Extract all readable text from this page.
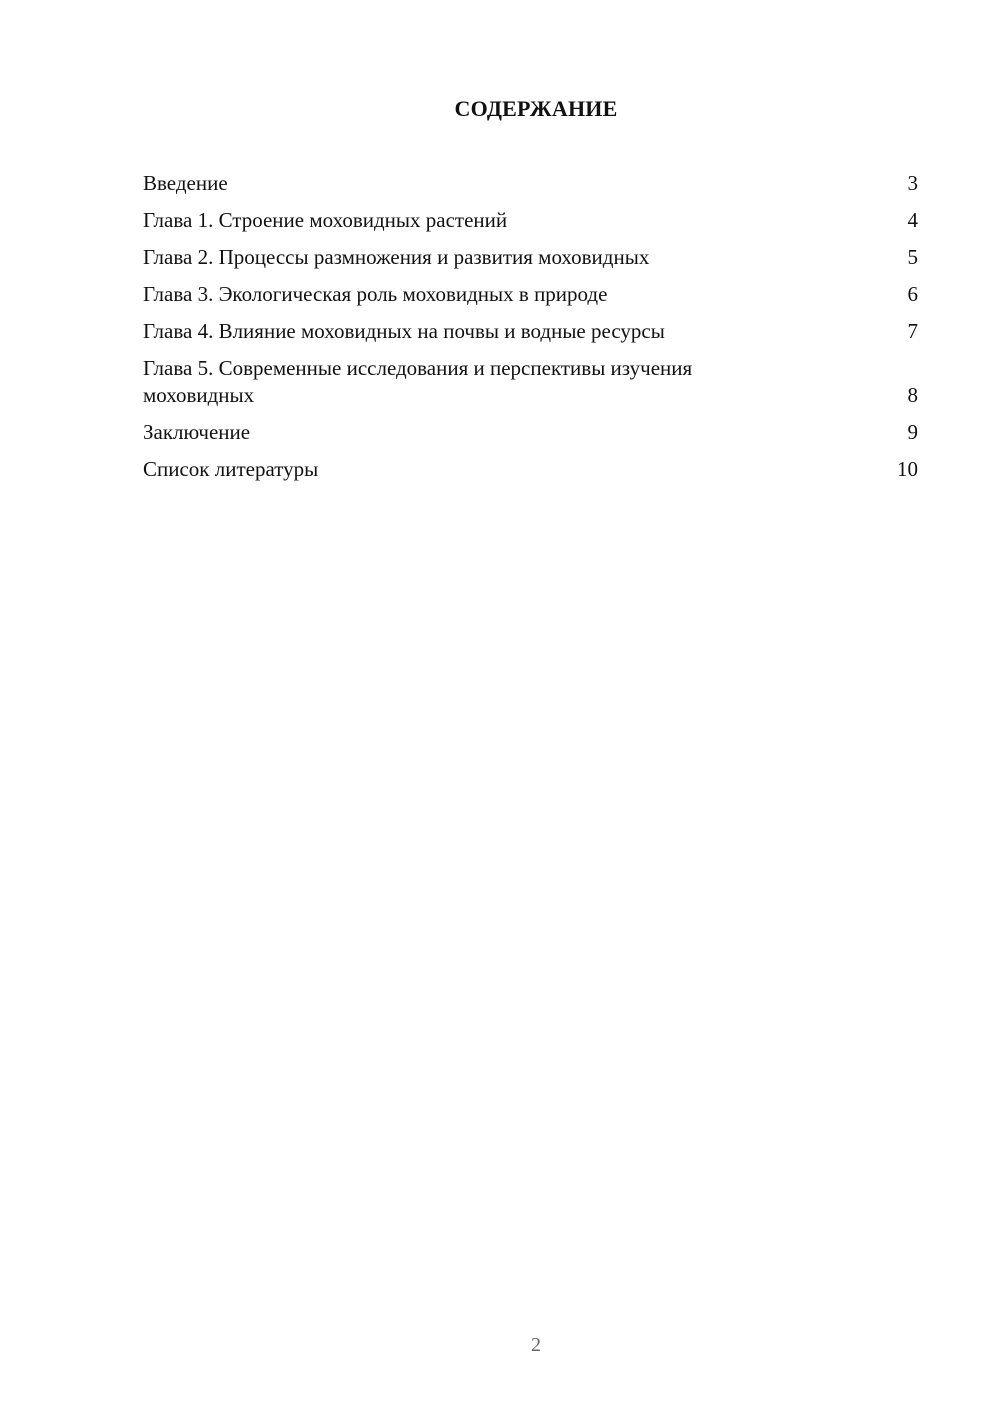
СОДЕРЖАНИЕ
Введение	3
Глава 1. Строение моховидных растений	4
Глава 2. Процессы размножения и развития моховидных	5
Глава 3. Экологическая роль моховидных в природе	6
Глава 4. Влияние моховидных на почвы и водные ресурсы	7
Глава 5. Современные исследования и перспективы изучения моховидных	8
Заключение	9
Список литературы	10
2
